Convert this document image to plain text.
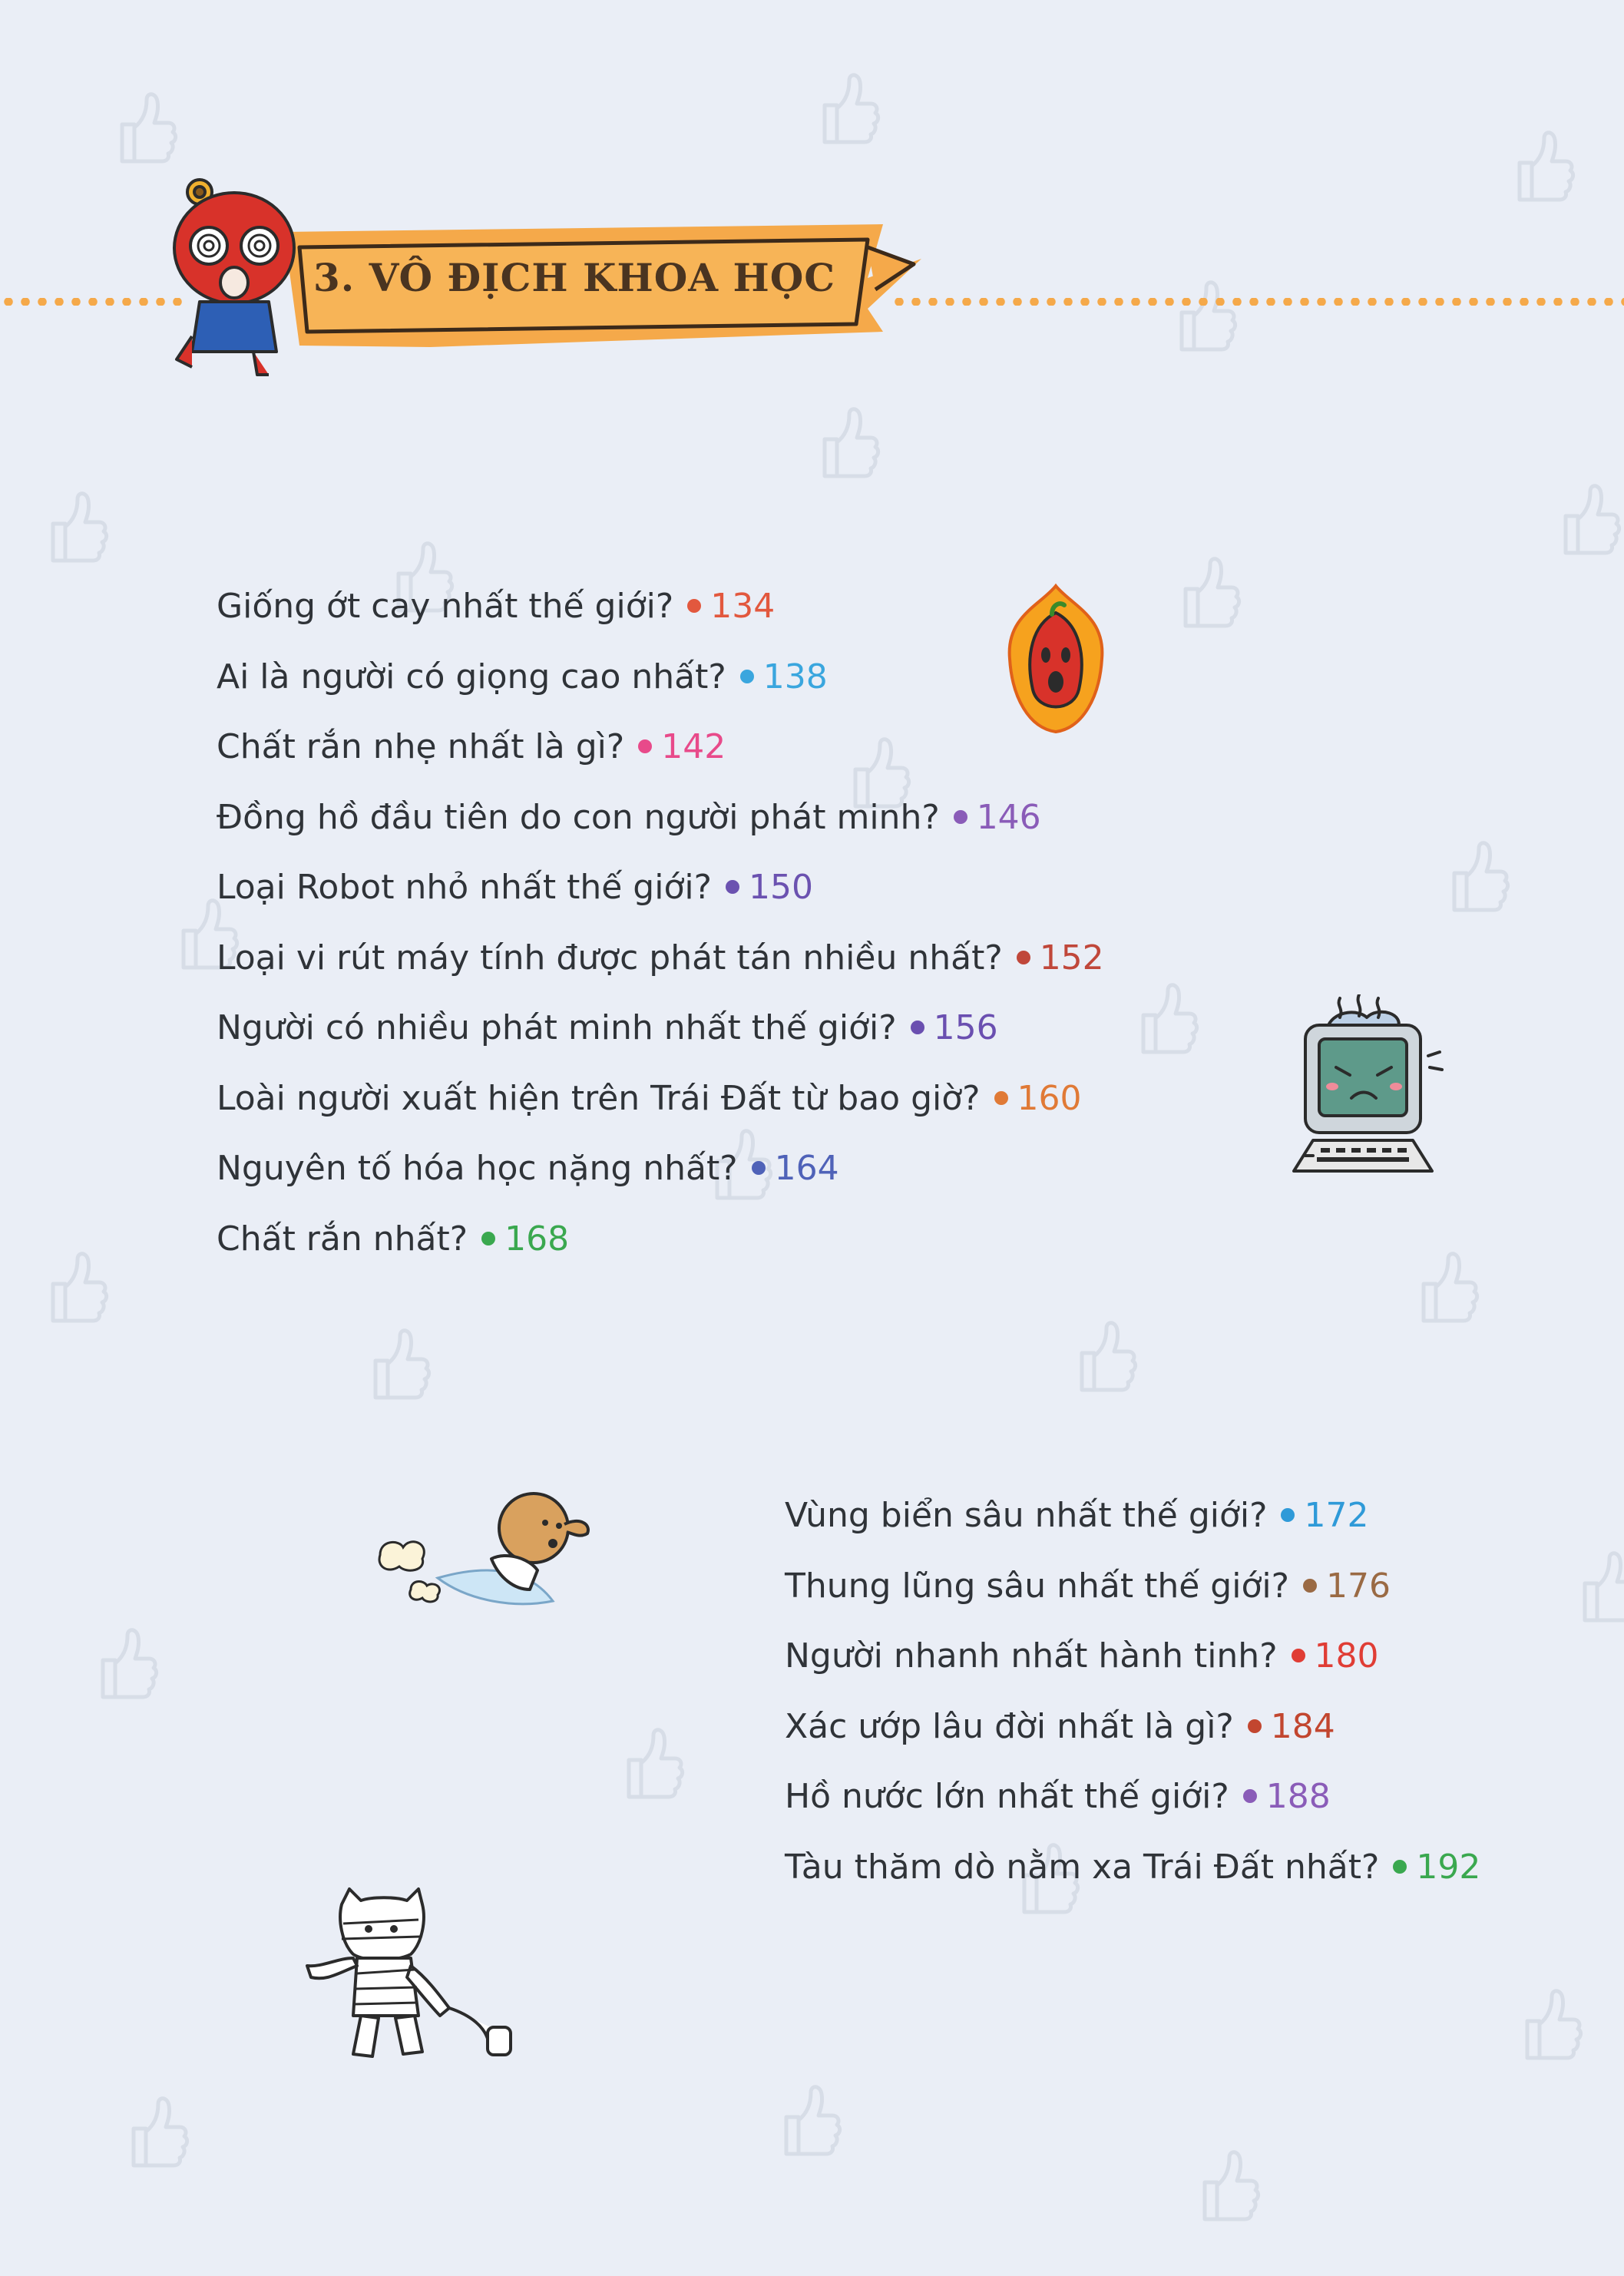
3. VÔ ĐỊCH KHOA HỌC
Giống ớt cay nhất thế giới? 134
Ai là người có giọng cao nhất? 138
Chất rắn nhẹ nhất là gì? 142
Đồng hồ đầu tiên do con người phát minh? 146
Loại Robot nhỏ nhất thế giới? 150
Loại vi rút máy tính được phát tán nhiều nhất? 152
Người có nhiều phát minh nhất thế giới? 156
Loài người xuất hiện trên Trái Đất từ bao giờ? 160
Nguyên tố hóa học nặng nhất? 164
Chất rắn nhất? 168
Vùng biển sâu nhất thế giới? 172
Thung lũng sâu nhất thế giới? 176
Người nhanh nhất hành tinh? 180
Xác ướp lâu đời nhất là gì? 184
Hồ nước lớn nhất thế giới? 188
Tàu thăm dò nằm xa Trái Đất nhất? 192
